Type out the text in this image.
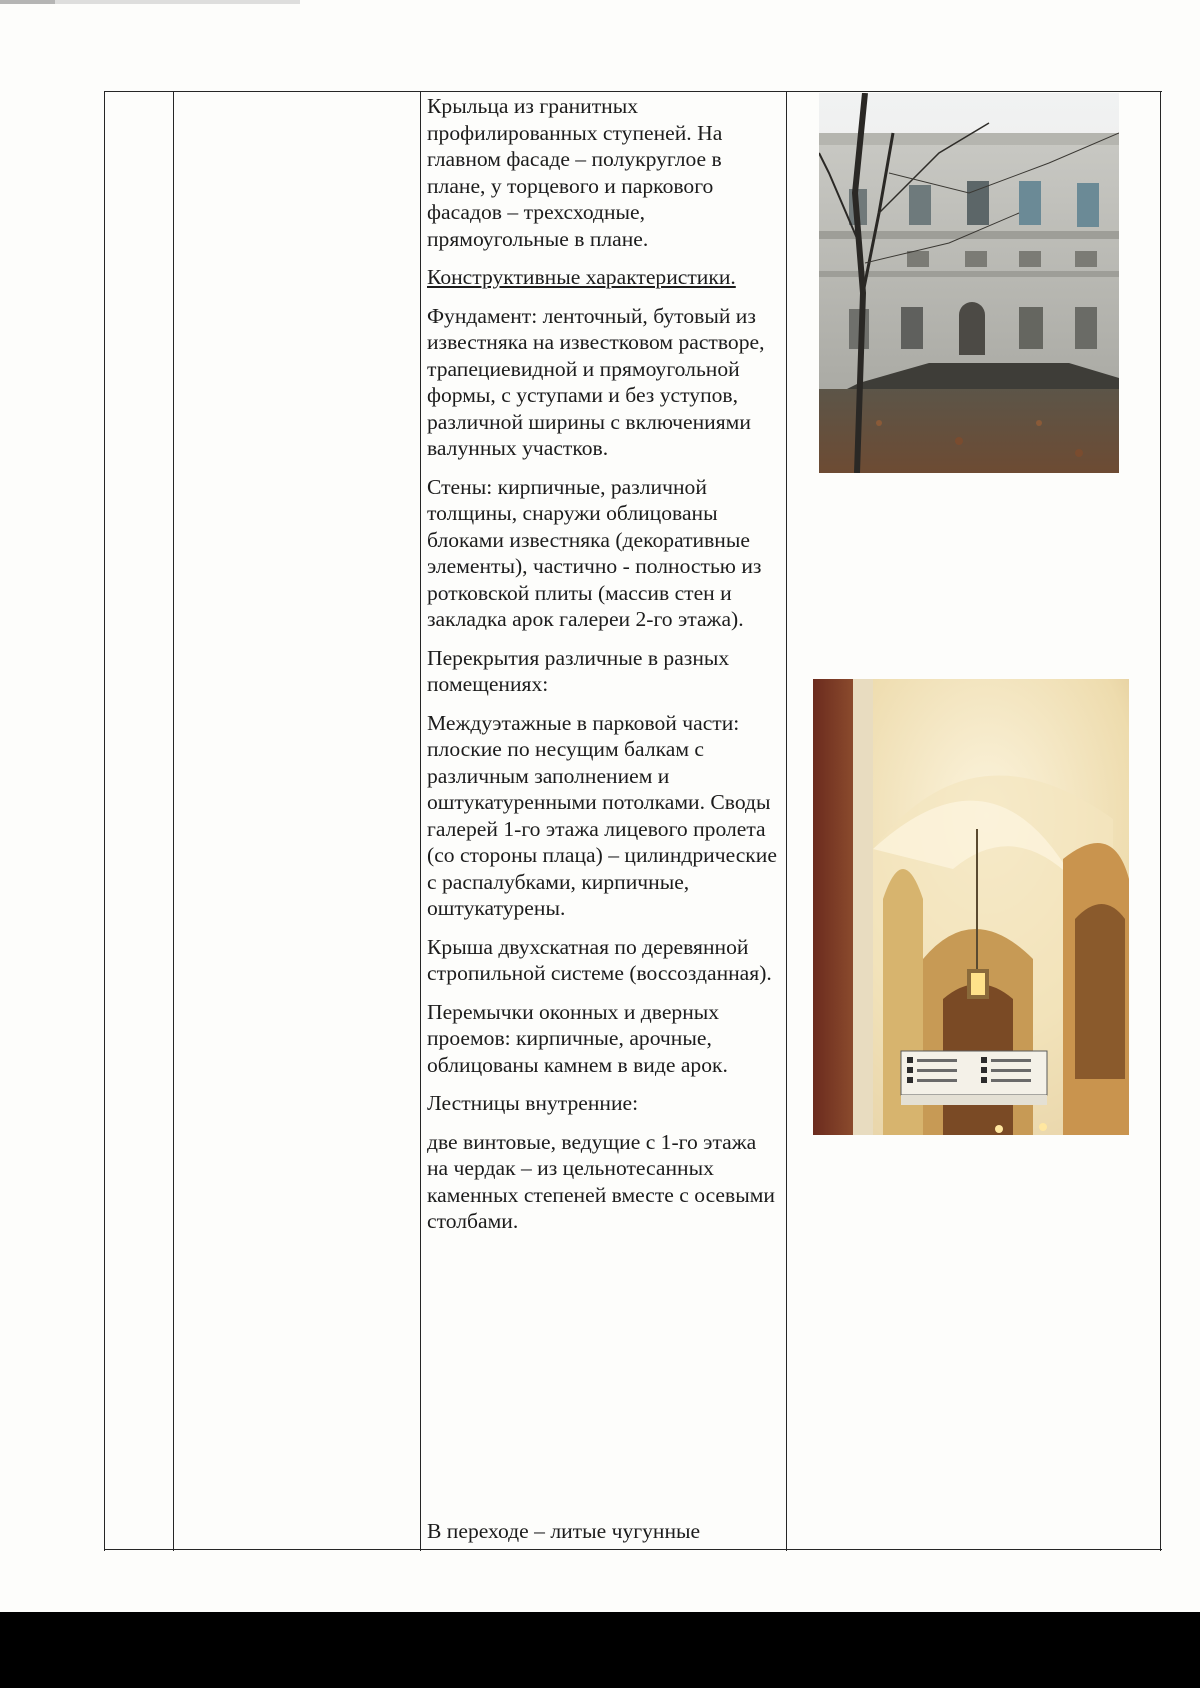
Крыльца из гранитных профилированных ступеней. На главном фасаде – полукруглое в плане, у торцевого и паркового фасадов – трехсходные, прямоугольные в плане.

Конструктивные характеристики.

Фундамент: ленточный, бутовый из известняка на известковом растворе, трапециевидной и прямоугольной формы, с уступами и без уступов, различной ширины с включениями валунных участков.

Стены: кирпичные, различной толщины, снаружи облицованы блоками известняка (декоративные элементы), частично - полностью из ротковской плиты (массив стен и закладка арок галереи 2-го этажа).

Перекрытия различные в разных помещениях:

Междуэтажные в парковой части: плоские по несущим балкам с различным заполнением и оштукатуренными потолками. Своды галерей 1-го этажа лицевого пролета (со стороны плаца) – цилиндрические с распалубками, кирпичные, оштукатурены.

Крыша двухскатная по деревянной стропильной системе (воссозданная).

Перемычки оконных и дверных проемов: кирпичные, арочные, облицованы камнем в виде арок.

Лестницы внутренние:

две винтовые, ведущие с 1-го этажа на чердак – из цельнотесанных каменных степеней вместе с осевыми столбами.

В переходе – литые чугунные
